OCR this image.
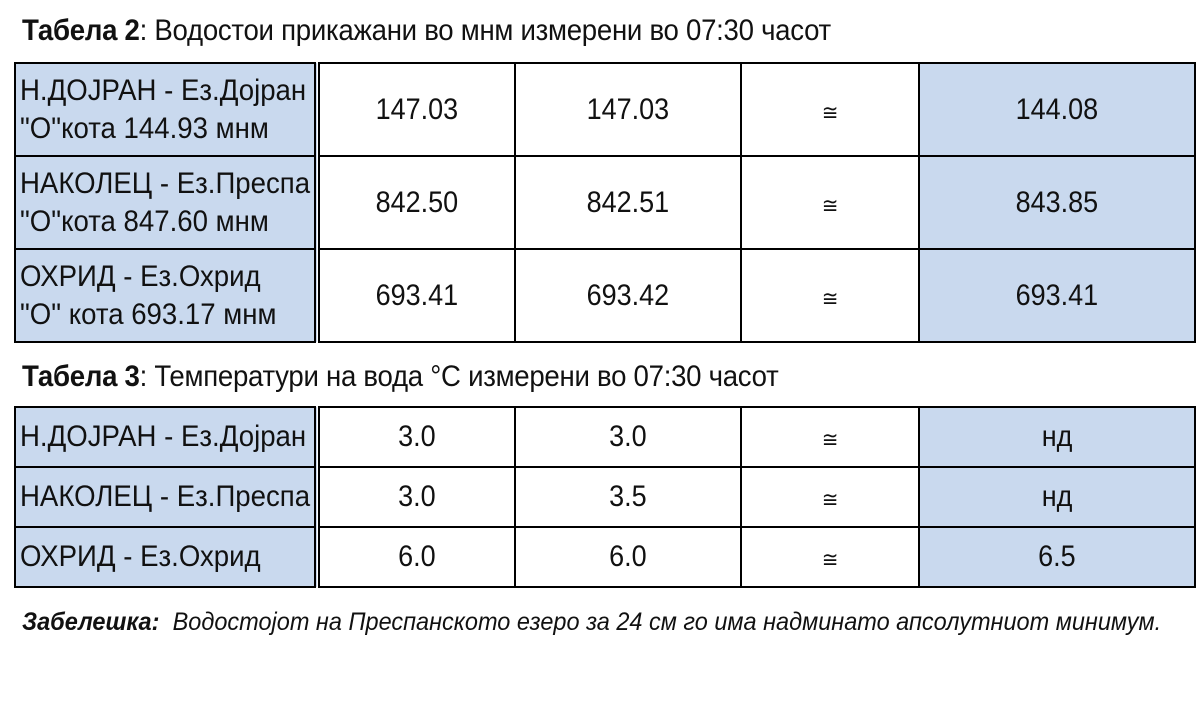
Табела 2: Водостои прикажани во мнм измерени во 07:30 часот
Н.ДОЈРАН - Ез.Дојран
"О"кота 144.93 мнм	147.03	147.03	≅	144.08
НАКОЛЕЦ - Ез.Преспа
"О"кота 847.60 мнм	842.50	842.51	≅	843.85
ОХРИД - Ез.Охрид
"О" кота 693.17 мнм	693.41	693.42	≅	693.41
Табела 3: Температури на вода °C измерени во 07:30 часот
Н.ДОЈРАН - Ез.Дојран	3.0	3.0	≅	нд
НАКОЛЕЦ - Ез.Преспа	3.0	3.5	≅	нд
ОХРИД - Ез.Охрид	6.0	6.0	≅	6.5
Забелешка: Водостојот на Преспанското езеро за 24 см го има надминато апсолутниот минимум.
